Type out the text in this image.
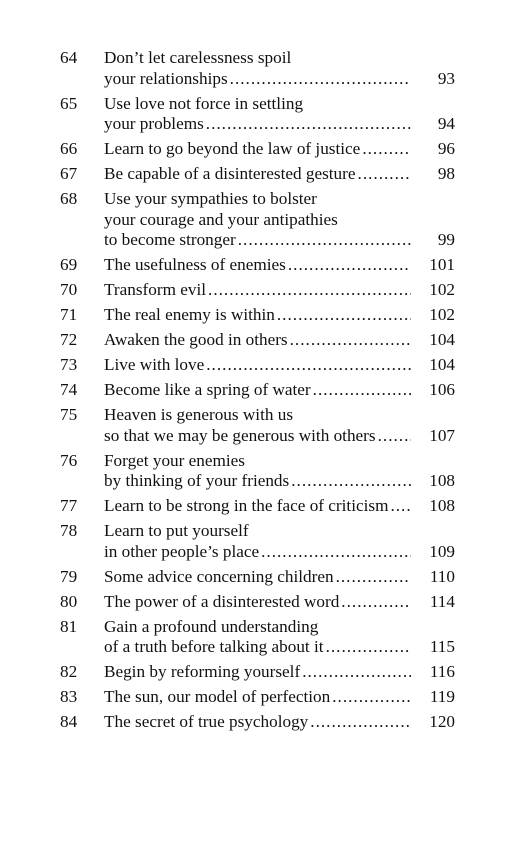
64 Don’t let carelessness spoil
your relationships .....	93
65 Use love not force in settling
your problems .....	94
66 Learn to go beyond the law of justice .....	96
67 Be capable of a disinterested gesture .....	98
68 Use your sympathies to bolster
your courage and your antipathies
to become stronger .....	99
69 The usefulness of enemies .....	101
70 Transform evil .....	102
71 The real enemy is within .....	102
72 Awaken the good in others .....	104
73 Live with love .....	104
74 Become like a spring of water .....	106
75 Heaven is generous with us
so that we may be generous with others .....	107
76 Forget your enemies
by thinking of your friends .....	108
77 Learn to be strong in the face of criticism .....	108
78 Learn to put yourself
in other people’s place .....	109
79 Some advice concerning children .....	110
80 The power of a disinterested word .....	114
81 Gain a profound understanding
of a truth before talking about it .....	115
82 Begin by reforming yourself .....	116
83 The sun, our model of perfection .....	119
84 The secret of true psychology .....	120
